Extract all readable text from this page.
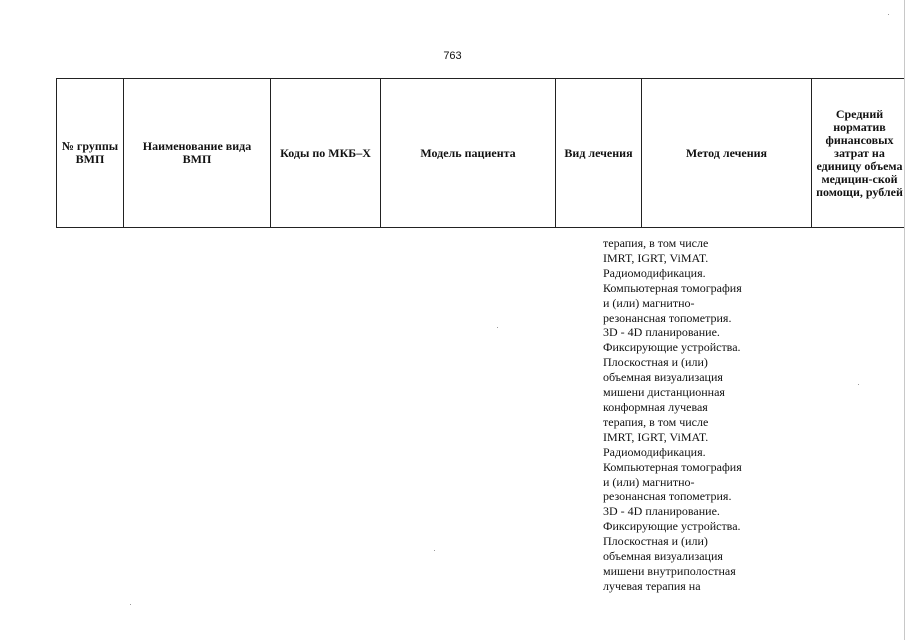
763
№ группы ВМП	Наименование вида ВМП	Коды по МКБ–Х	Модель пациента	Вид лечения	Метод лечения	Средний норматив финансовых затрат на единицу объема медицин-ской помощи, рублей
терапия, в том числе
IMRT, IGRT, ViMAT.
Радиомодификация.
Компьютерная томография
и (или) магнитно-
резонансная топометрия.
3D - 4D планирование.
Фиксирующие устройства.
Плоскостная и (или)
объемная визуализация
мишени дистанционная
конформная лучевая
терапия, в том числе
IMRT, IGRT, ViMAT.
Радиомодификация.
Компьютерная томография
и (или) магнитно-
резонансная топометрия.
3D - 4D планирование.
Фиксирующие устройства.
Плоскостная и (или)
объемная визуализация
мишени внутриполостная
лучевая терапия на
